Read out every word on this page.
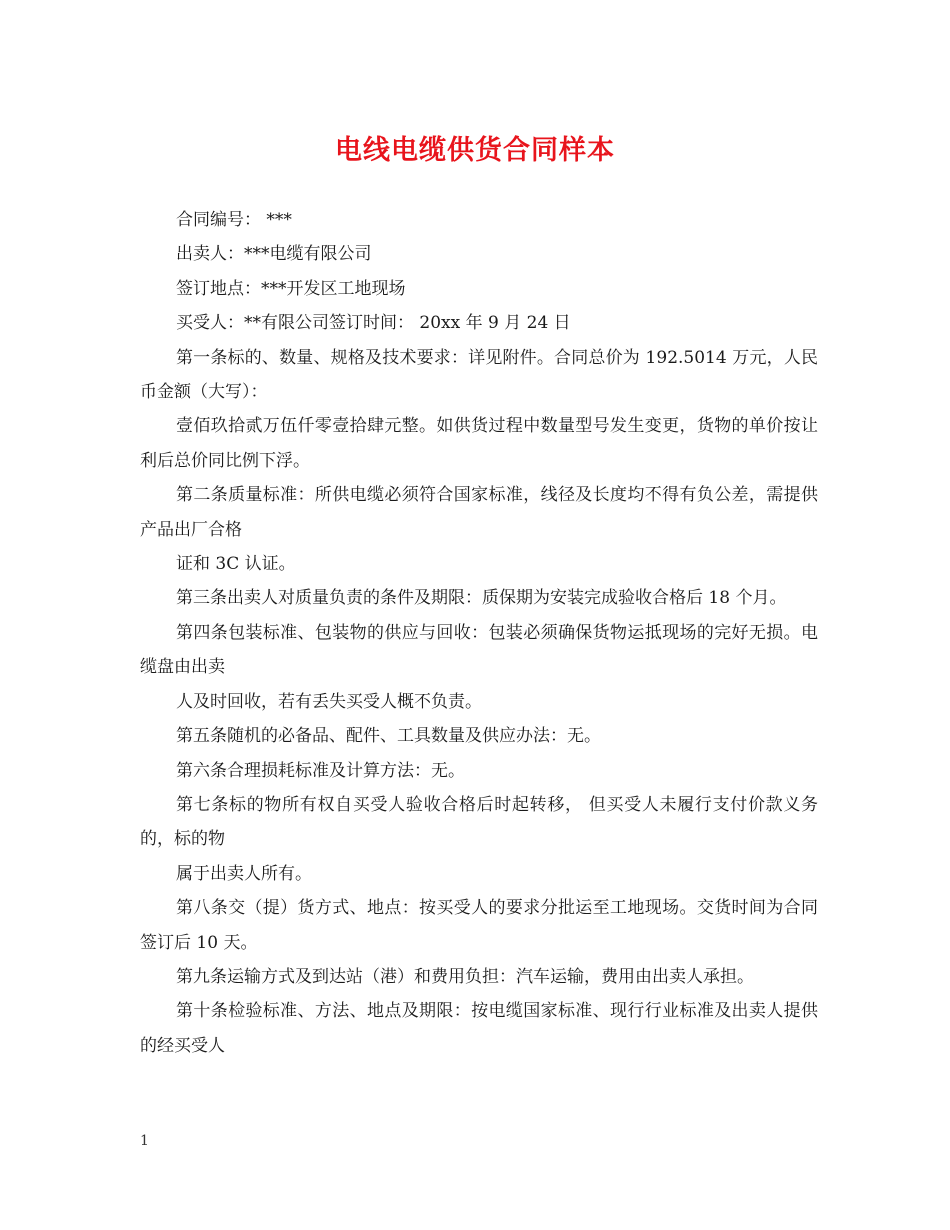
电线电缆供货合同样本

合同编号： ***

出卖人：***电缆有限公司

签订地点：***开发区工地现场

买受人：**有限公司签订时间： 20xx 年 9 月 24 日

第一条标的、数量、规格及技术要求：详见附件。合同总价为 192.5014 万元，人民币金额（大写）：

壹佰玖拾贰万伍仟零壹拾肆元整。如供货过程中数量型号发生变更，货物的单价按让利后总价同比例下浮。

第二条质量标准：所供电缆必须符合国家标准，线径及长度均不得有负公差，需提供产品出厂合格

证和 3C 认证。

第三条出卖人对质量负责的条件及期限：质保期为安装完成验收合格后 18 个月。

第四条包装标准、包装物的供应与回收：包装必须确保货物运抵现场的完好无损。电缆盘由出卖

人及时回收，若有丢失买受人概不负责。

第五条随机的必备品、配件、工具数量及供应办法：无。

第六条合理损耗标准及计算方法：无。

第七条标的物所有权自买受人验收合格后时起转移， 但买受人未履行支付价款义务的，标的物

属于出卖人所有。

第八条交（提）货方式、地点：按买受人的要求分批运至工地现场。交货时间为合同签订后 10 天。

第九条运输方式及到达站（港）和费用负担：汽车运输，费用由出卖人承担。

第十条检验标准、方法、地点及期限：按电缆国家标准、现行行业标准及出卖人提供的经买受人

1
